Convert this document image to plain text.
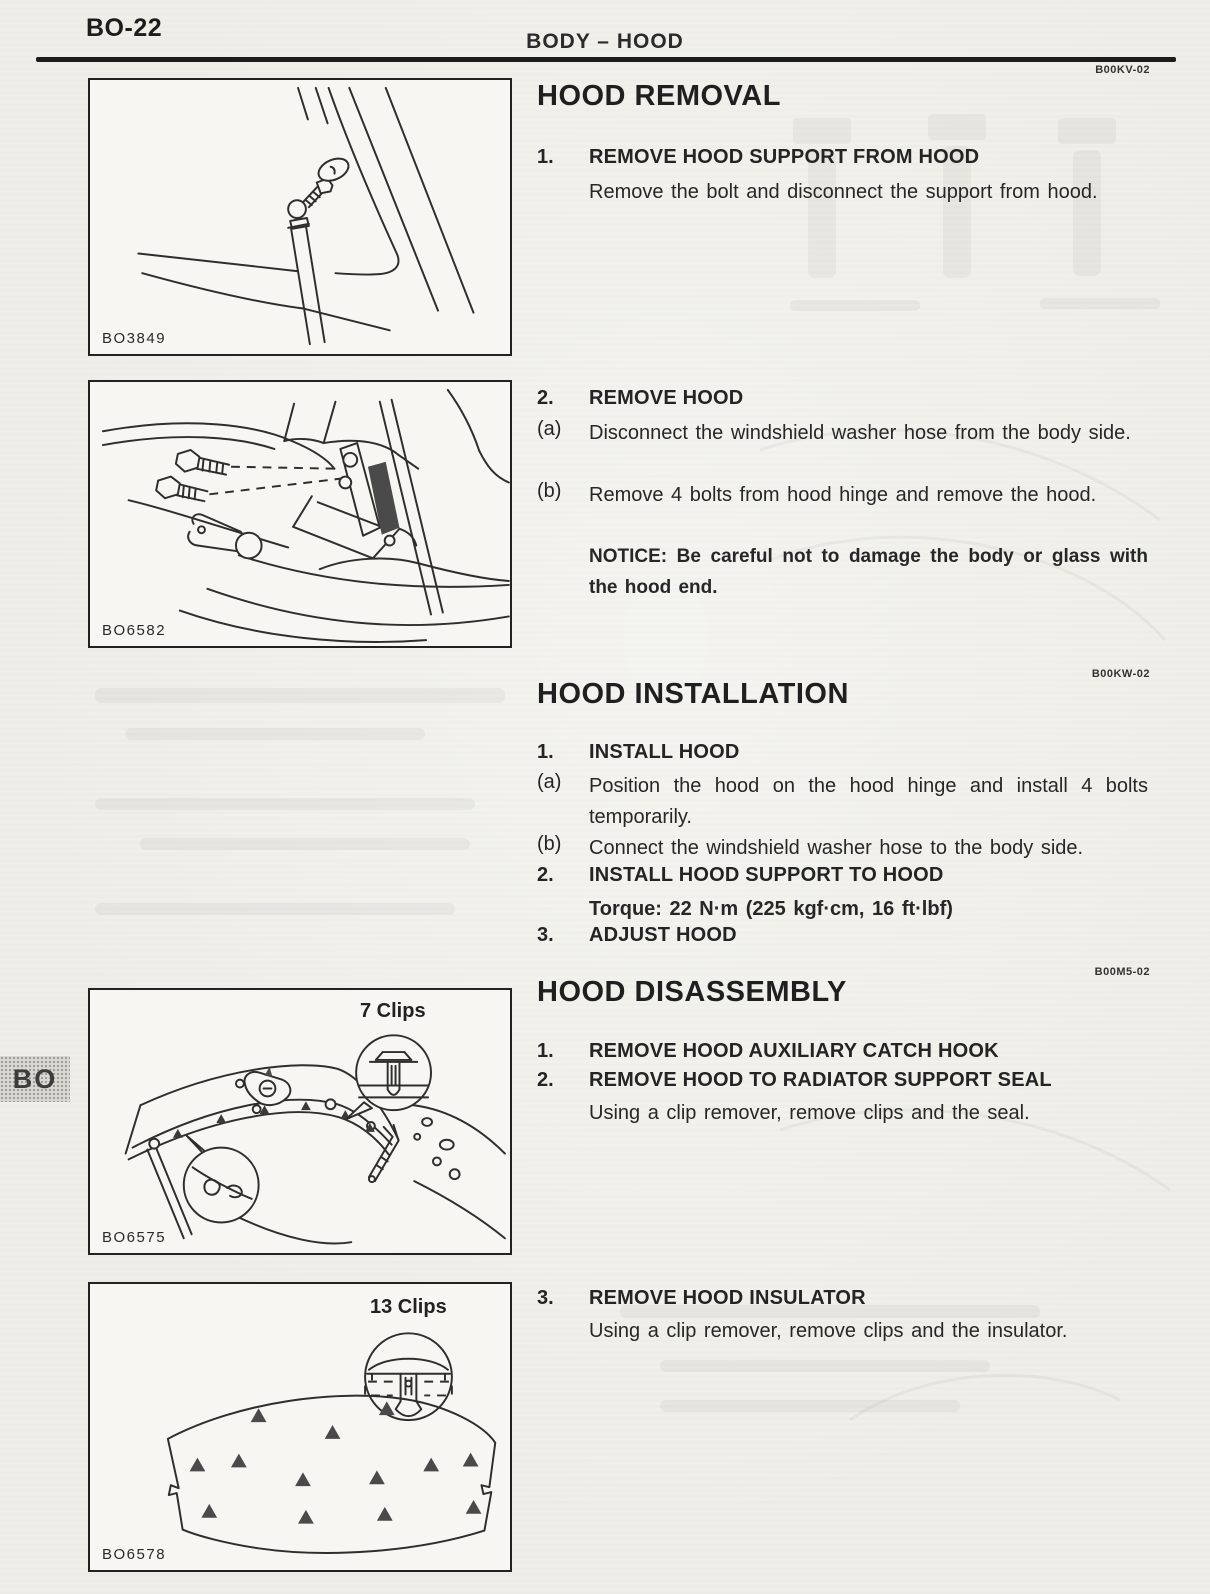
BO-22	BODY – HOOD
BO
BO3849
BO6582
7 Clips
BO6575
13 Clips
BO6578
B00KV-02
HOOD REMOVAL
1.	REMOVE HOOD SUPPORT FROM HOOD
Remove the bolt and disconnect the support from hood.
2.	REMOVE HOOD
(a)	Disconnect the windshield washer hose from the body side.
(b)	Remove 4 bolts from hood hinge and remove the hood.
NOTICE: Be careful not to damage the body or glass with the hood end.
B00KW-02
HOOD INSTALLATION
1.	INSTALL HOOD
(a)	Position the hood on the hood hinge and install 4 bolts temporarily.
(b)	Connect the windshield washer hose to the body side.
2.	INSTALL HOOD SUPPORT TO HOOD
Torque: 22 N·m (225 kgf·cm, 16 ft·lbf)
3.	ADJUST HOOD
B00M5-02
HOOD DISASSEMBLY
1.	REMOVE HOOD AUXILIARY CATCH HOOK
2.	REMOVE HOOD TO RADIATOR SUPPORT SEAL
Using a clip remover, remove clips and the seal.
3.	REMOVE HOOD INSULATOR
Using a clip remover, remove clips and the insulator.
